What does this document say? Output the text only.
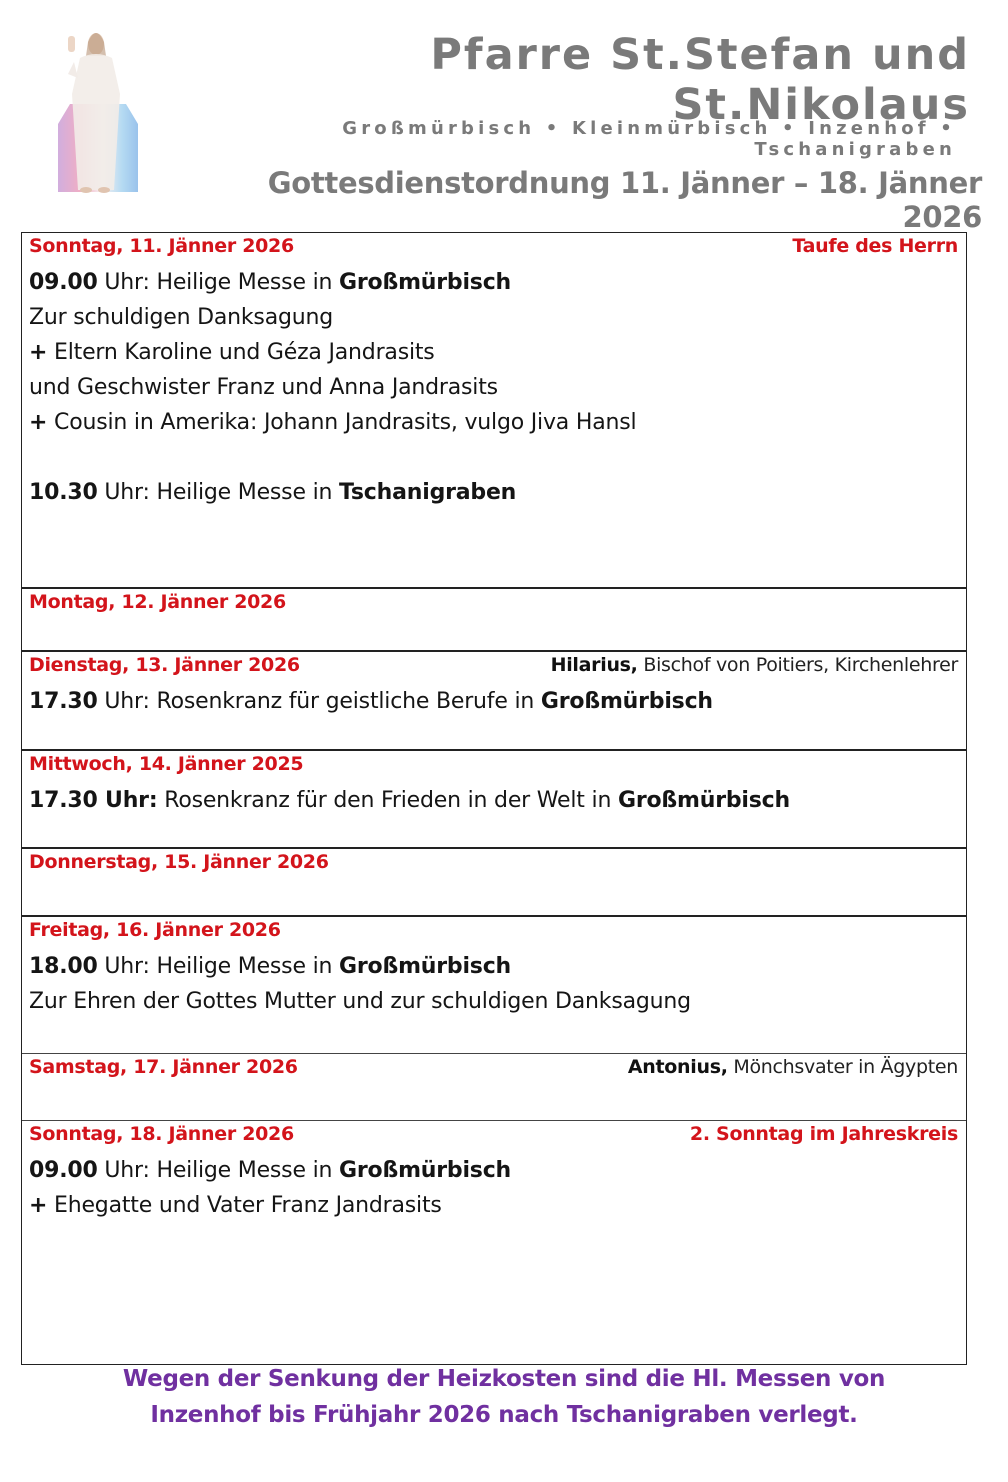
Pfarre St.Stefan und St.Nikolaus
Großmürbisch • Kleinmürbisch • Inzenhof • Tschanigraben
Gottesdienstordnung 11. Jänner – 18. Jänner 2026
Sonntag, 11. Jänner 2026	Taufe des Herrn
09.00 Uhr: Heilige Messe in Großmürbisch
Zur schuldigen Danksagung
+ Eltern Karoline und Géza Jandrasits
und Geschwister Franz und Anna Jandrasits
+ Cousin in Amerika: Johann Jandrasits, vulgo Jiva Hansl
10.30 Uhr: Heilige Messe in Tschanigraben
Montag, 12. Jänner 2026
Dienstag, 13. Jänner 2026	Hilarius, Bischof von Poitiers, Kirchenlehrer
17.30 Uhr: Rosenkranz für geistliche Berufe in Großmürbisch
Mittwoch, 14. Jänner 2025
17.30 Uhr: Rosenkranz für den Frieden in der Welt in Großmürbisch
Donnerstag, 15. Jänner 2026
Freitag, 16. Jänner 2026
18.00 Uhr: Heilige Messe in Großmürbisch
Zur Ehren der Gottes Mutter und zur schuldigen Danksagung
Samstag, 17. Jänner 2026	Antonius, Mönchsvater in Ägypten
Sonntag, 18. Jänner 2026	2. Sonntag im Jahreskreis
09.00 Uhr: Heilige Messe in Großmürbisch
+ Ehegatte und Vater Franz Jandrasits
Wegen der Senkung der Heizkosten sind die Hl. Messen von
Inzenhof bis Frühjahr 2026 nach Tschanigraben verlegt.
